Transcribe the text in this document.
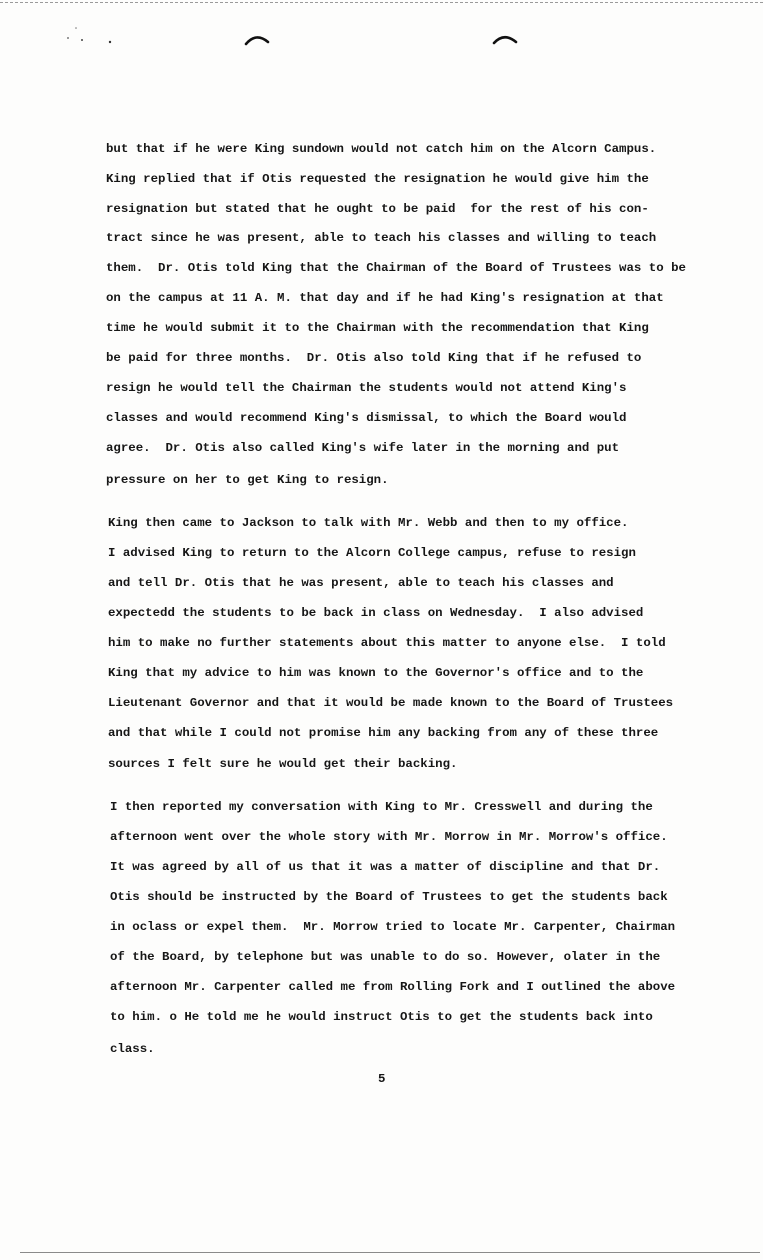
but that if he were King sundown would not catch him on the Alcorn Campus.
King replied that if Otis requested the resignation he would give him the
resignation but stated that he ought to be paid  for the rest of his con-
tract since he was present, able to teach his classes and willing to teach
them.  Dr. Otis told King that the Chairman of the Board of Trustees was to be
on the campus at 11 A. M. that day and if he had King's resignation at that
time he would submit it to the Chairman with the recommendation that King
be paid for three months.  Dr. Otis also told King that if he refused to
resign he would tell the Chairman the students would not attend King's
classes and would recommend King's dismissal, to which the Board would
agree.  Dr. Otis also called King's wife later in the morning and put
pressure on her to get King to resign.
King then came to Jackson to talk with Mr. Webb and then to my office.
I advised King to return to the Alcorn College campus, refuse to resign
and tell Dr. Otis that he was present, able to teach his classes and
expectedd the students to be back in class on Wednesday.  I also advised
him to make no further statements about this matter to anyone else.  I told
King that my advice to him was known to the Governor's office and to the
Lieutenant Governor and that it would be made known to the Board of Trustees
and that while I could not promise him any backing from any of these three
sources I felt sure he would get their backing.
I then reported my conversation with King to Mr. Cresswell and during the
afternoon went over the whole story with Mr. Morrow in Mr. Morrow's office.
It was agreed by all of us that it was a matter of discipline and that Dr.
Otis should be instructed by the Board of Trustees to get the students back
in oclass or expel them.  Mr. Morrow tried to locate Mr. Carpenter, Chairman
of the Board, by telephone but was unable to do so. However, olater in the
afternoon Mr. Carpenter called me from Rolling Fork and I outlined the above
to him. o He told me he would instruct Otis to get the students back into
class.
5
